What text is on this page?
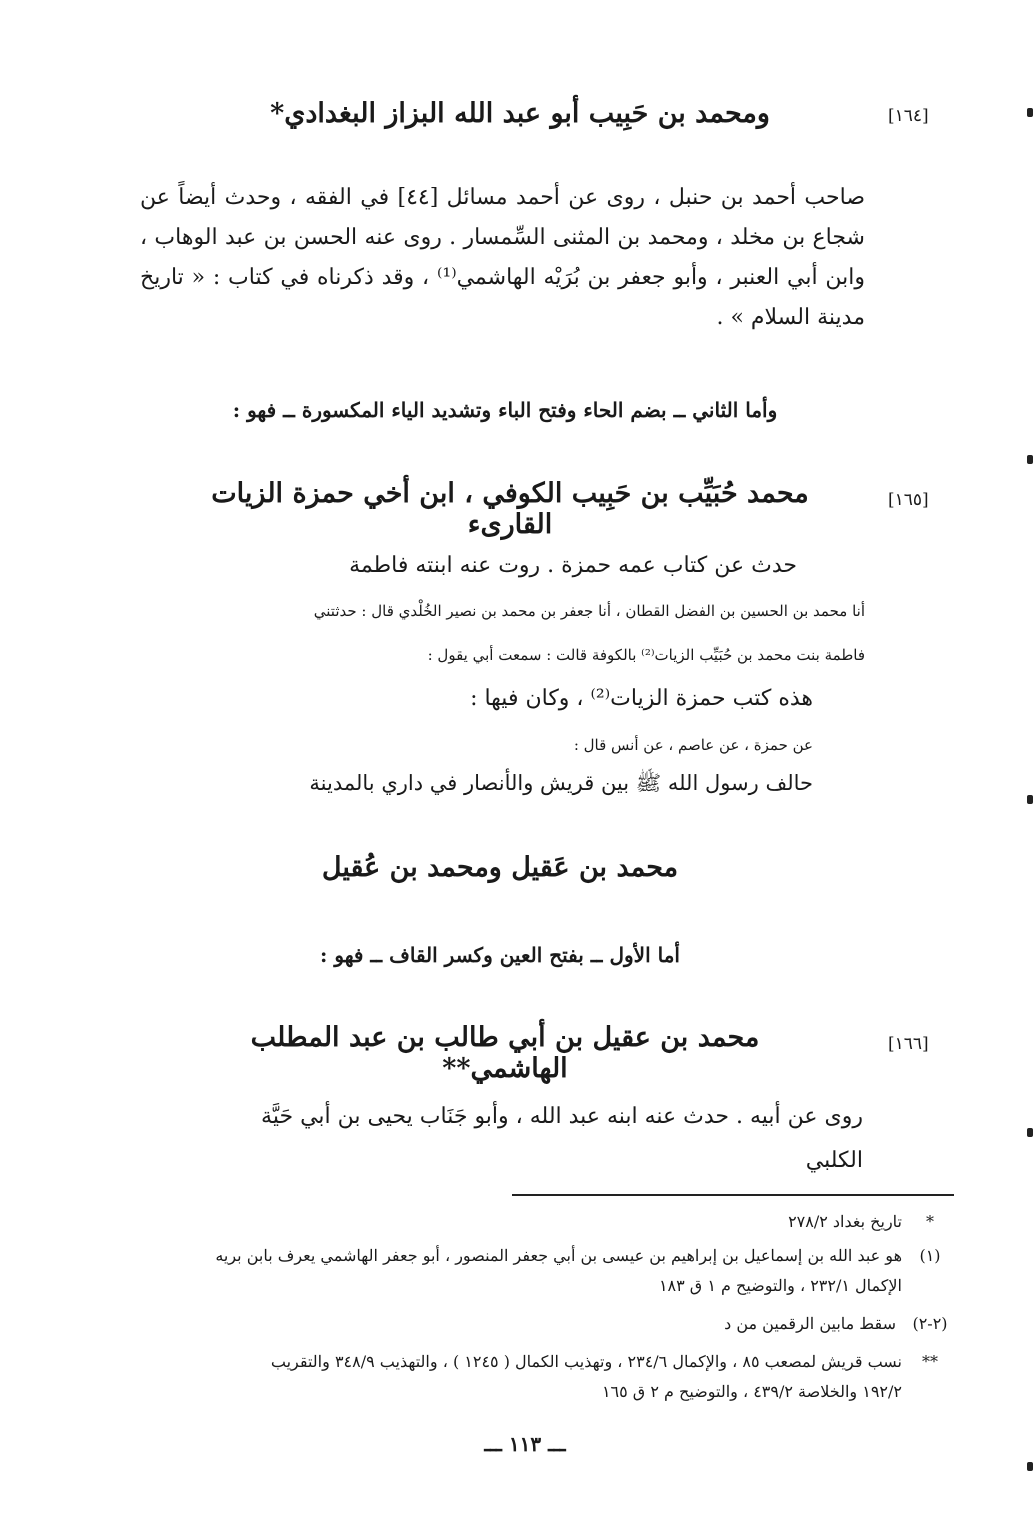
[١٦٤]
ومحمد بن حَبِيب أبو عبد الله البزاز البغدادي*
صاحب أحمد بن حنبل ، روى عن أحمد مسائل [٤٤] في الفقه ، وحدث أيضاً عن شجاع بن مخلد ، ومحمد بن المثنى السِّمسار . روى عنه الحسن بن عبد الوهاب ، وابن أبي العنبر ، وأبو جعفر بن بُرَيْه الهاشمي⁽¹⁾ ، وقد ذكرناه في كتاب : « تاريخ مدينة السلام » .
وأما الثاني ــ بضم الحاء وفتح الباء وتشديد الياء المكسورة ــ فهو :
[١٦٥]
محمد حُبَيِّب بن حَبِيب الكوفي ، ابن أخي حمزة الزيات القارىء
حدث عن كتاب عمه حمزة . روت عنه ابنته فاطمة
أنا محمد بن الحسين بن الفضل القطان ، أنا جعفر بن محمد بن نصير الخُلْدي قال : حدثتني
فاطمة بنت محمد بن حُبَيِّب الزيات⁽²⁾ بالكوفة قالت : سمعت أبي يقول :
هذه كتب حمزة الزيات⁽²⁾ ، وكان فيها :
عن حمزة ، عن عاصم ، عن أنس قال :
حالف رسول الله ﷺ بين قريش والأنصار في داري بالمدينة
محمد بن عَقيل ومحمد بن عُقيل
أما الأول ــ بفتح العين وكسر القاف ــ فهو :
[١٦٦]
محمد بن عقيل بن أبي طالب بن عبد المطلب الهاشمي**
روى عن أبيه . حدث عنه ابنه عبد الله ، وأبو جَنَاب يحيى بن أبي حَيَّة
الكلبي
*
تاريخ بغداد ٢٧٨/٢
(١)
هو عبد الله بن إسماعيل بن إبراهيم بن عيسى بن أبي جعفر المنصور ، أبو جعفر الهاشمي يعرف بابن بريه
الإكمال ٢٣٢/١ ، والتوضيح م ١ ق ١٨٣
(٢-٢)
سقط مابين الرقمين من د
**
نسب قريش لمصعب ٨٥ ، والإكمال ٢٣٤/٦ ، وتهذيب الكمال ( ١٢٤٥ ) ، والتهذيب ٣٤٨/٩ والتقريب
١٩٢/٢ والخلاصة ٤٣٩/٢ ، والتوضيح م ٢ ق ١٦٥
ـــ ١١٣ ـــ
